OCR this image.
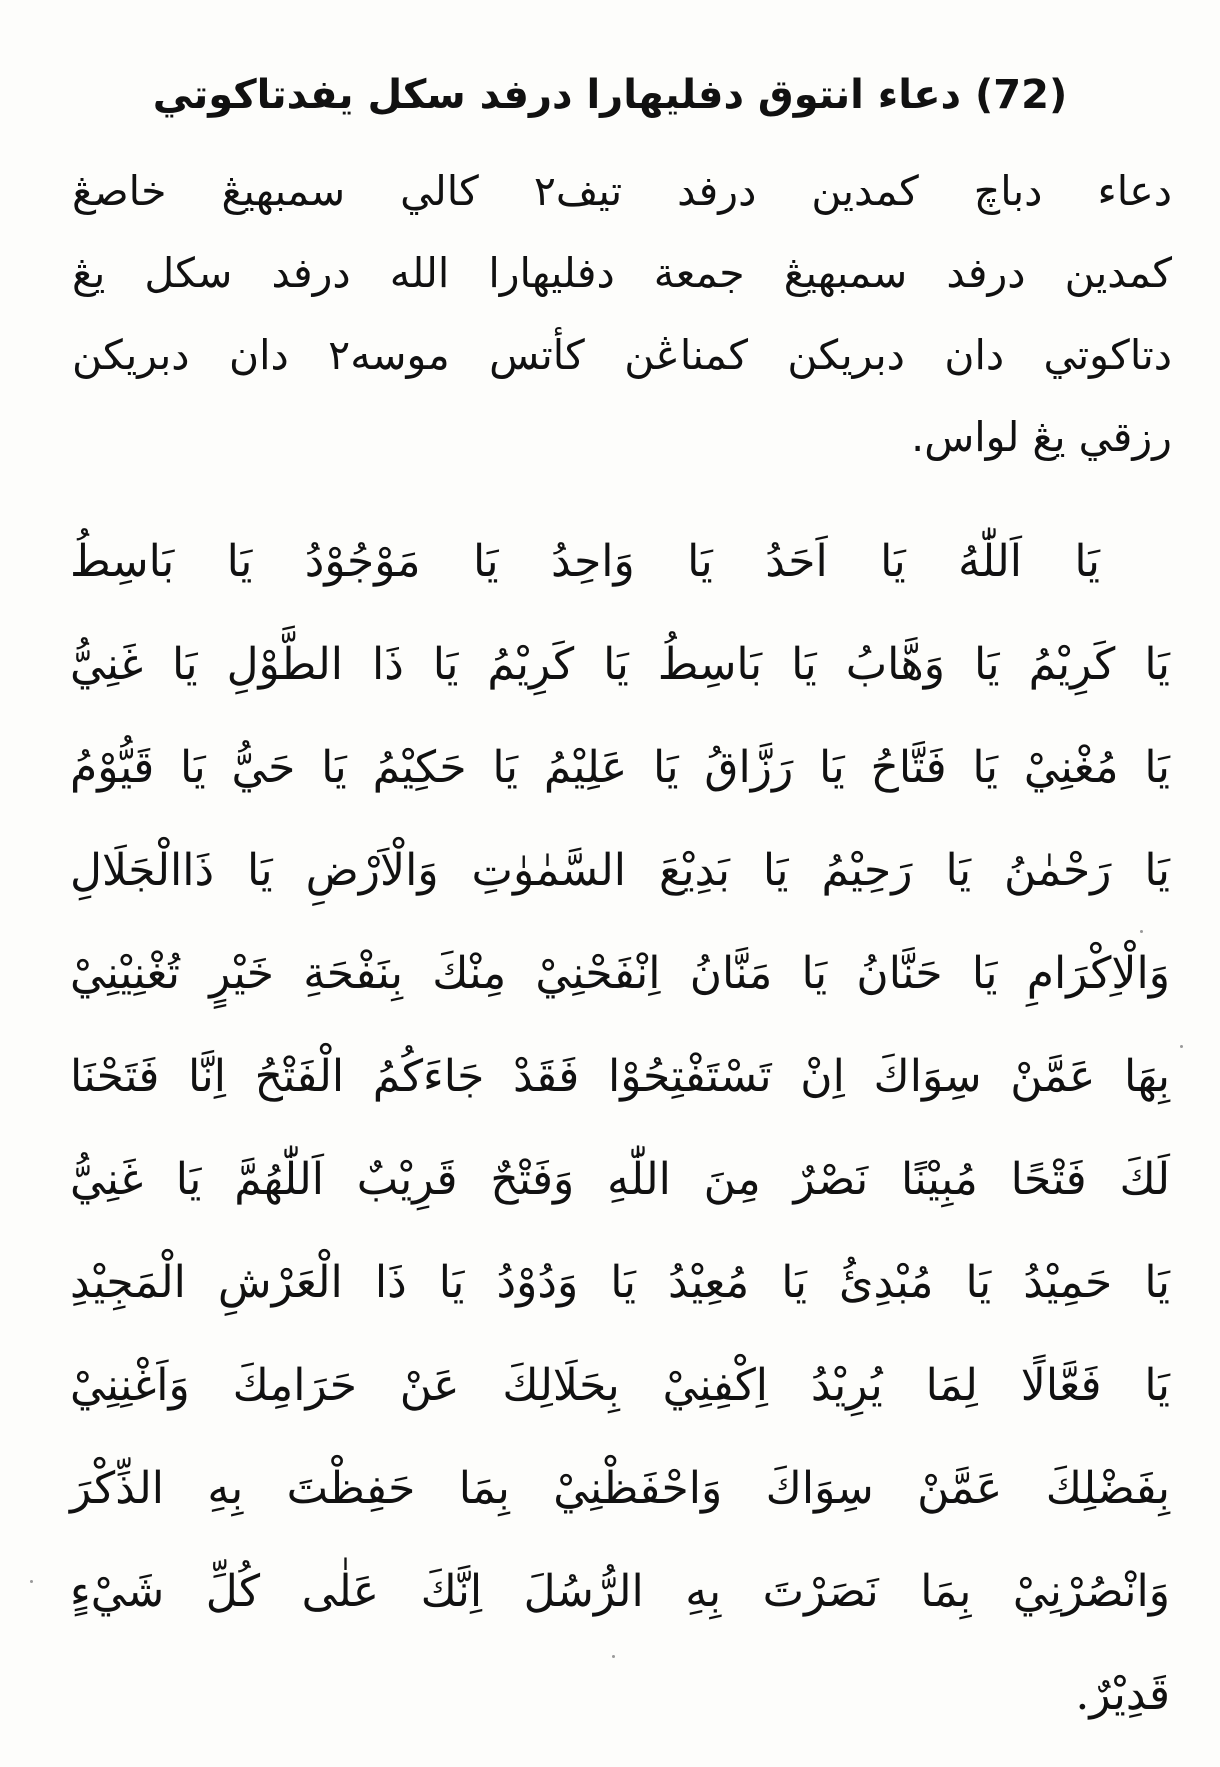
(72) دعاء انتوق دفليهارا درفد سكل يفدتاكوتي
دعاء دباچ كمدين درفد تيف٢ كالي سمبهيڠ خاصڠ
كمدين درفد سمبهيڠ جمعة دفليهارا الله درفد سكل يڠ
دتاكوتي دان دبريكن كمناڠن كأتس موسه٢ دان دبريكن
رزقي يڠ لواس.
يَا اَللّٰهُ يَا اَحَدُ يَا وَاحِدُ يَا مَوْجُوْدُ يَا بَاسِطُ
يَا كَرِيْمُ يَا وَهَّابُ يَا بَاسِطُ يَا كَرِيْمُ يَا ذَا الطَّوْلِ يَا غَنِيُّ
يَا مُغْنِيْ يَا فَتَّاحُ يَا رَزَّاقُ يَا عَلِيْمُ يَا حَكِيْمُ يَا حَيُّ يَا قَيُّوْمُ
يَا رَحْمٰنُ يَا رَحِيْمُ يَا بَدِيْعَ السَّمٰوٰتِ وَالْاَرْضِ يَا ذَاالْجَلَالِ
وَالْاِكْرَامِ يَا حَنَّانُ يَا مَنَّانُ اِنْفَحْنِيْ مِنْكَ بِنَفْحَةِ خَيْرٍ تُغْنِيْنِيْ
بِهَا عَمَّنْ سِوَاكَ اِنْ تَسْتَفْتِحُوْا فَقَدْ جَاءَكُمُ الْفَتْحُ اِنَّا فَتَحْنَا
لَكَ فَتْحًا مُبِيْنًا نَصْرٌ مِنَ اللّٰهِ وَفَتْحٌ قَرِيْبٌ اَللّٰهُمَّ يَا غَنِيُّ
يَا حَمِيْدُ يَا مُبْدِئُ يَا مُعِيْدُ يَا وَدُوْدُ يَا ذَا الْعَرْشِ الْمَجِيْدِ
يَا فَعَّالًا لِمَا يُرِيْدُ اِكْفِنِيْ بِحَلَالِكَ عَنْ حَرَامِكَ وَاَغْنِنِيْ
بِفَضْلِكَ عَمَّنْ سِوَاكَ وَاحْفَظْنِيْ بِمَا حَفِظْتَ بِهِ الذِّكْرَ
وَانْصُرْنِيْ بِمَا نَصَرْتَ بِهِ الرُّسُلَ اِنَّكَ عَلٰى كُلِّ شَيْءٍ
قَدِيْرٌ.
